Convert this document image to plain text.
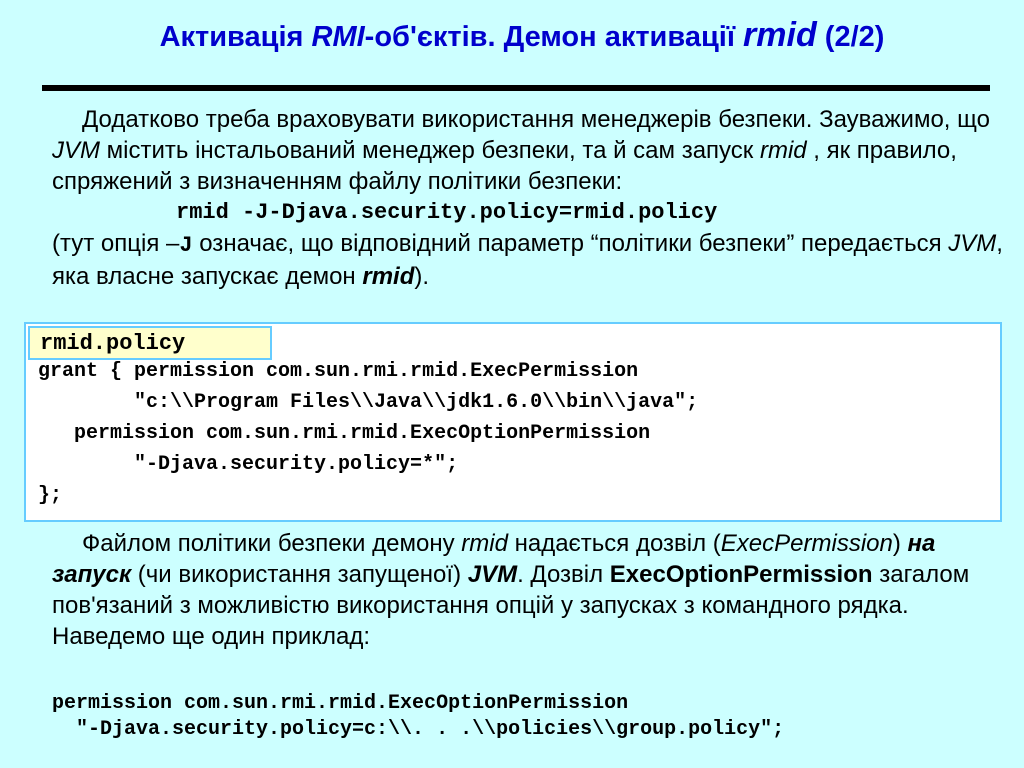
Активація RMI-об'єктів. Демон активації rmid (2/2)
Додатково треба враховувати використання менеджерів безпеки. Зауважимо, що JVM містить інстальований менеджер безпеки, та й сам запуск rmid , як правило, спряжений з визначенням файлу політики безпеки:
rmid -J-Djava.security.policy=rmid.policy
(тут опція –J означає, що відповідний параметр “політики безпеки” передається JVM, яка власне запускає демон rmid).
rmid.policy
grant { permission com.sun.rmi.rmid.ExecPermission
"c:\\Program Files\\Java\\jdk1.6.0\\bin\\java";
permission com.sun.rmi.rmid.ExecOptionPermission
"-Djava.security.policy=*";
};
Файлом політики безпеки демону rmid надається дозвіл (ExecPermission) на запуск (чи використання запущеної) JVM. Дозвіл ExecOptionPermission загалом пов'язаний з можливістю використання опцій у запусках з командного рядка. Наведемо ще один приклад:
permission com.sun.rmi.rmid.ExecOptionPermission
"-Djava.security.policy=c:\\. . .\\policies\\group.policy";
